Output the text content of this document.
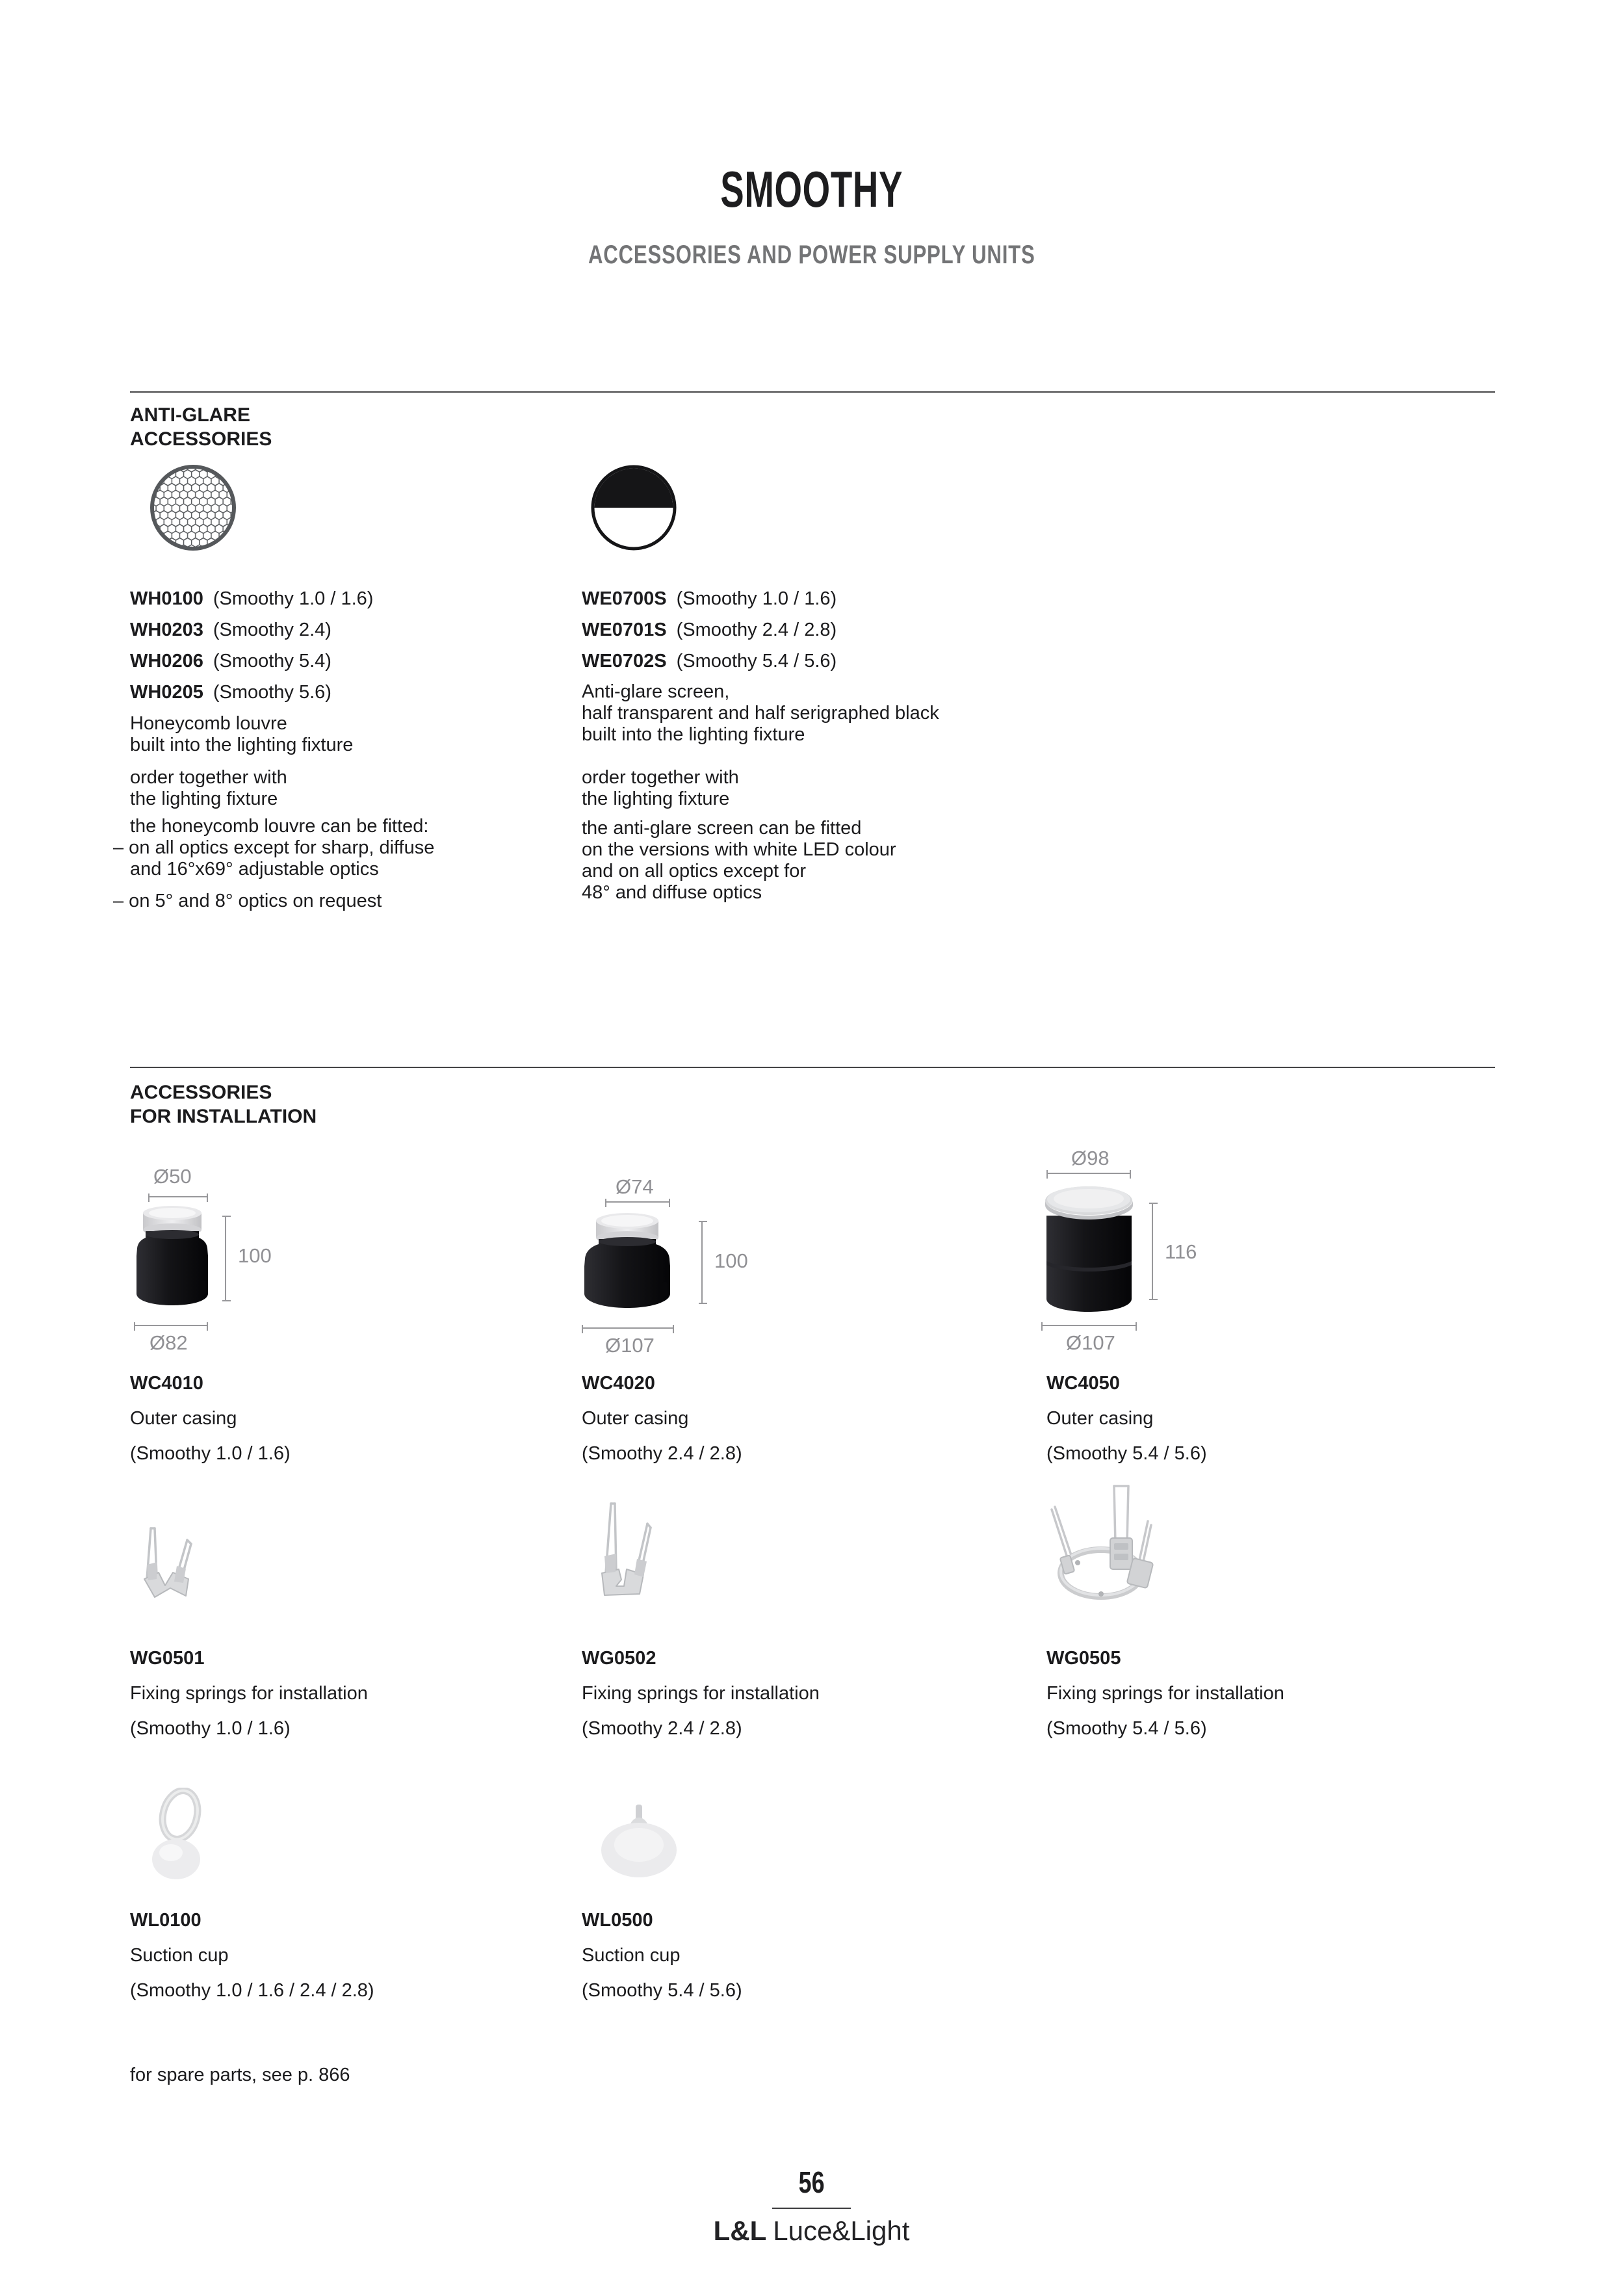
SMOOTHY
ACCESSORIES AND POWER SUPPLY UNITS
ANTI-GLARE
ACCESSORIES
WH0100 (Smoothy 1.0 / 1.6)
WH0203 (Smoothy 2.4)
WH0206 (Smoothy 5.4)
WH0205 (Smoothy 5.6)
WE0700S (Smoothy 1.0 / 1.6)
WE0701S (Smoothy 2.4 / 2.8)
WE0702S (Smoothy 5.4 / 5.6)
Honeycomb louvre
built into the lighting fixture
order together with
the lighting fixture
the honeycomb louvre can be fitted:
– on all optics except for sharp, diffuse
and 16°x69° adjustable optics
– on 5° and 8° optics on request
Anti-glare screen,
half transparent and half serigraphed black
built into the lighting fixture
order together with
the lighting fixture
the anti-glare screen can be fitted
on the versions with white LED colour
and on all optics except for
48° and diffuse optics
ACCESSORIES
FOR INSTALLATION
Ø50
100
Ø82
Ø74
100
Ø107
Ø98
116
Ø107
WC4010
Outer casing
(Smoothy 1.0 / 1.6)
WC4020
Outer casing
(Smoothy 2.4 / 2.8)
WC4050
Outer casing
(Smoothy 5.4 / 5.6)
WG0501
Fixing springs for installation
(Smoothy 1.0 / 1.6)
WG0502
Fixing springs for installation
(Smoothy 2.4 / 2.8)
WG0505
Fixing springs for installation
(Smoothy 5.4 / 5.6)
WL0100
Suction cup
(Smoothy 1.0 / 1.6 / 2.4 / 2.8)
WL0500
Suction cup
(Smoothy 5.4 / 5.6)
for spare parts, see p. 866
56
L&L Luce&Light
